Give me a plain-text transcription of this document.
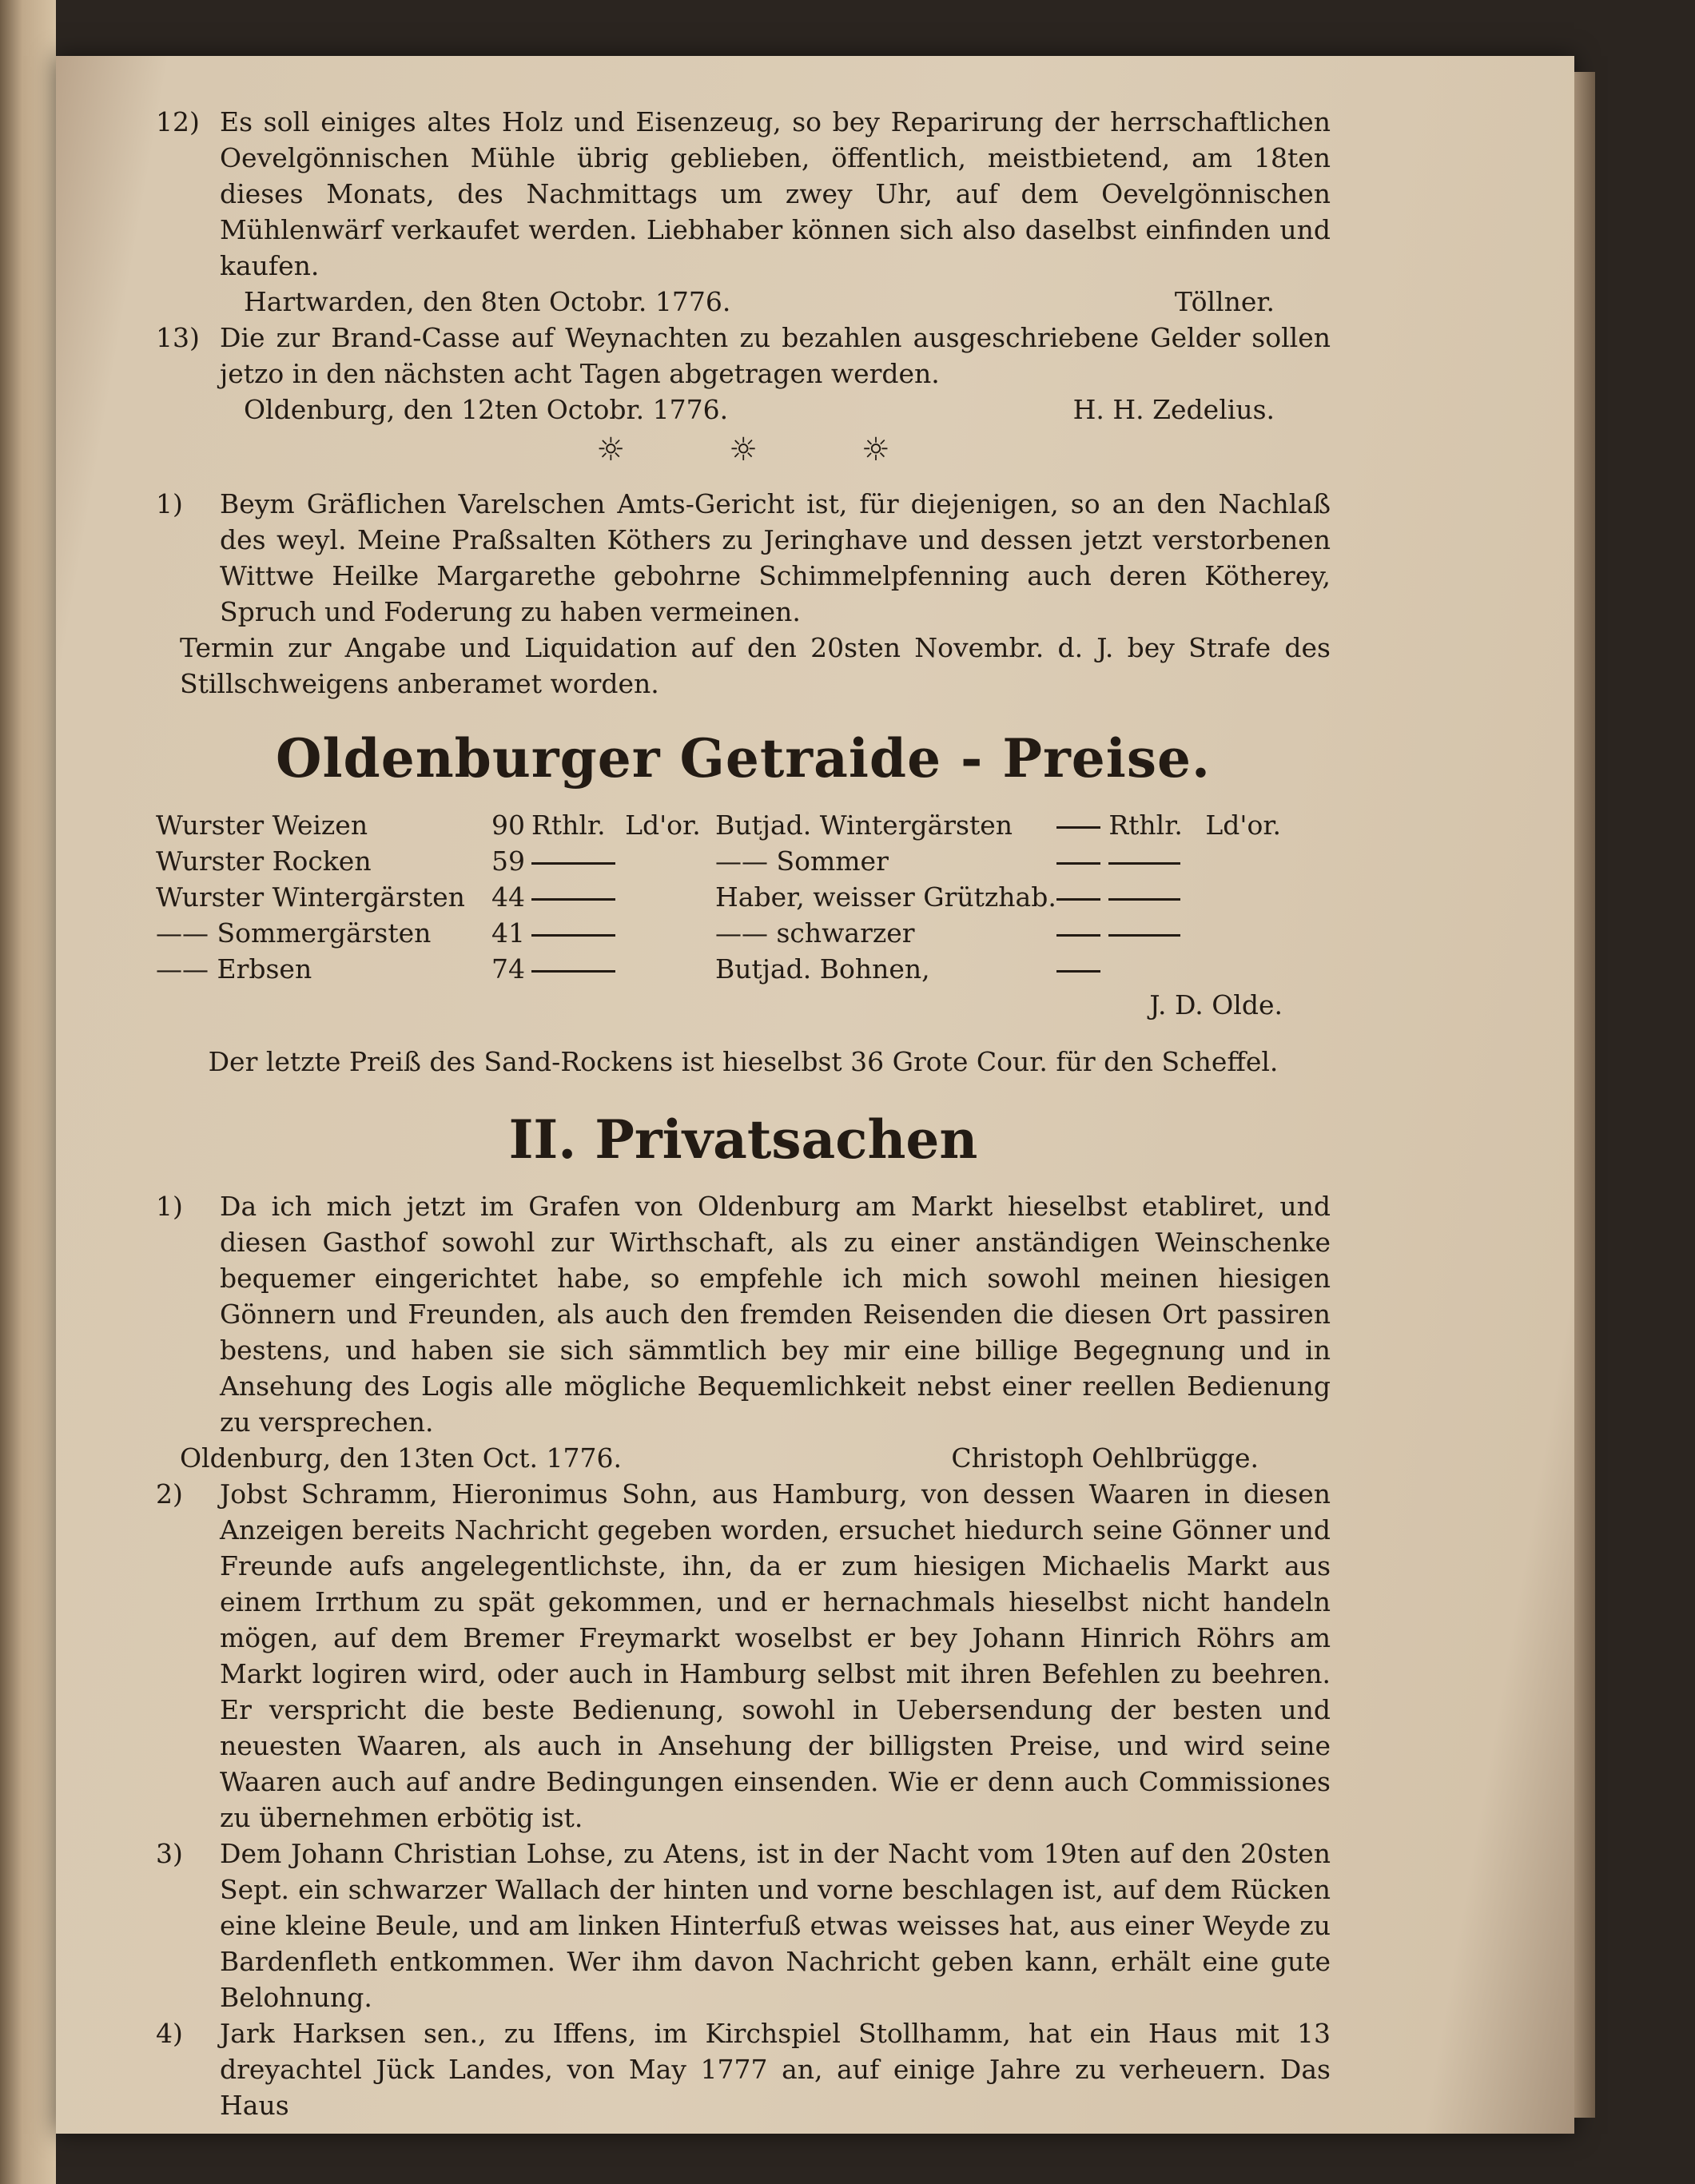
12) Es soll einiges altes Holz und Eisenzeug, so bey Reparirung der herrschaftlichen Oevelgönnischen Mühle übrig geblieben, öffentlich, meistbietend, am 18ten dieses Monats, des Nachmittags um zwey Uhr, auf dem Oevelgönnischen Mühlenwärf verkaufet werden. Liebhaber können sich also daselbst einfinden und kaufen.
Hartwarden, den 8ten Octobr. 1776.	Töllner.
13) Die zur Brand-Casse auf Weynachten zu bezahlen ausgeschriebene Gelder sollen jetzo in den nächsten acht Tagen abgetragen werden.
Oldenburg, den 12ten Octobr. 1776.	H. H. Zedelius.
☼	☼	☼
1)	Beym Gräflichen Varelschen Amts-Gericht ist, für diejenigen, so an den Nachlaß des weyl. Meine Praßsalten Köthers zu Jeringhave und dessen jetzt verstorbenen Wittwe Heilke Margarethe gebohrne Schimmelpfenning auch deren Kötherey, Spruch und Foderung zu haben vermeinen.
Termin zur Angabe und Liquidation auf den 20sten Novembr. d. J. bey Strafe des Stillschweigens anberamet worden.
Oldenburger Getraide - Preise.
Wurster Weizen	90	Rthlr. Ld'or.	Butjad. Wintergärsten	Rthlr. Ld'or.
Wurster Rocken	59		—— Sommer	
Wurster Wintergärsten	44		Haber, weisser Grützhab.	
—— Sommergärsten	41		—— schwarzer	
—— Erbsen	74		Butjad. Bohnen,	
J. D. Olde.
Der letzte Preiß des Sand-Rockens ist hieselbst 36 Grote Cour. für den Scheffel.
II. Privatsachen
1)	Da ich mich jetzt im Grafen von Oldenburg am Markt hieselbst etabliret, und diesen Gasthof sowohl zur Wirthschaft, als zu einer anständigen Weinschenke bequemer eingerichtet habe, so empfehle ich mich sowohl meinen hiesigen Gönnern und Freunden, als auch den fremden Reisenden die diesen Ort passiren bestens, und haben sie sich sämmtlich bey mir eine billige Begegnung und in Ansehung des Logis alle mögliche Bequemlichkeit nebst einer reellen Bedienung zu versprechen.
Oldenburg, den 13ten Oct. 1776.	Christoph Oehlbrügge.
2)	Jobst Schramm, Hieronimus Sohn, aus Hamburg, von dessen Waaren in diesen Anzeigen bereits Nachricht gegeben worden, ersuchet hiedurch seine Gönner und Freunde aufs angelegentlichste, ihn, da er zum hiesigen Michaelis Markt aus einem Irrthum zu spät gekommen, und er hernachmals hieselbst nicht handeln mögen, auf dem Bremer Freymarkt woselbst er bey Johann Hinrich Röhrs am Markt logiren wird, oder auch in Hamburg selbst mit ihren Befehlen zu beehren. Er verspricht die beste Bedienung, sowohl in Uebersendung der besten und neuesten Waaren, als auch in Ansehung der billigsten Preise, und wird seine Waaren auch auf andre Bedingungen einsenden. Wie er denn auch Commissiones zu übernehmen erbötig ist.
3)	Dem Johann Christian Lohse, zu Atens, ist in der Nacht vom 19ten auf den 20sten Sept. ein schwarzer Wallach der hinten und vorne beschlagen ist, auf dem Rücken eine kleine Beule, und am linken Hinterfuß etwas weisses hat, aus einer Weyde zu Bardenfleth entkommen. Wer ihm davon Nachricht geben kann, erhält eine gute Belohnung.
4)	Jark Harksen sen., zu Iffens, im Kirchspiel Stollhamm, hat ein Haus mit 13 dreyachtel Jück Landes, von May 1777 an, auf einige Jahre zu verheuern. Das Haus
